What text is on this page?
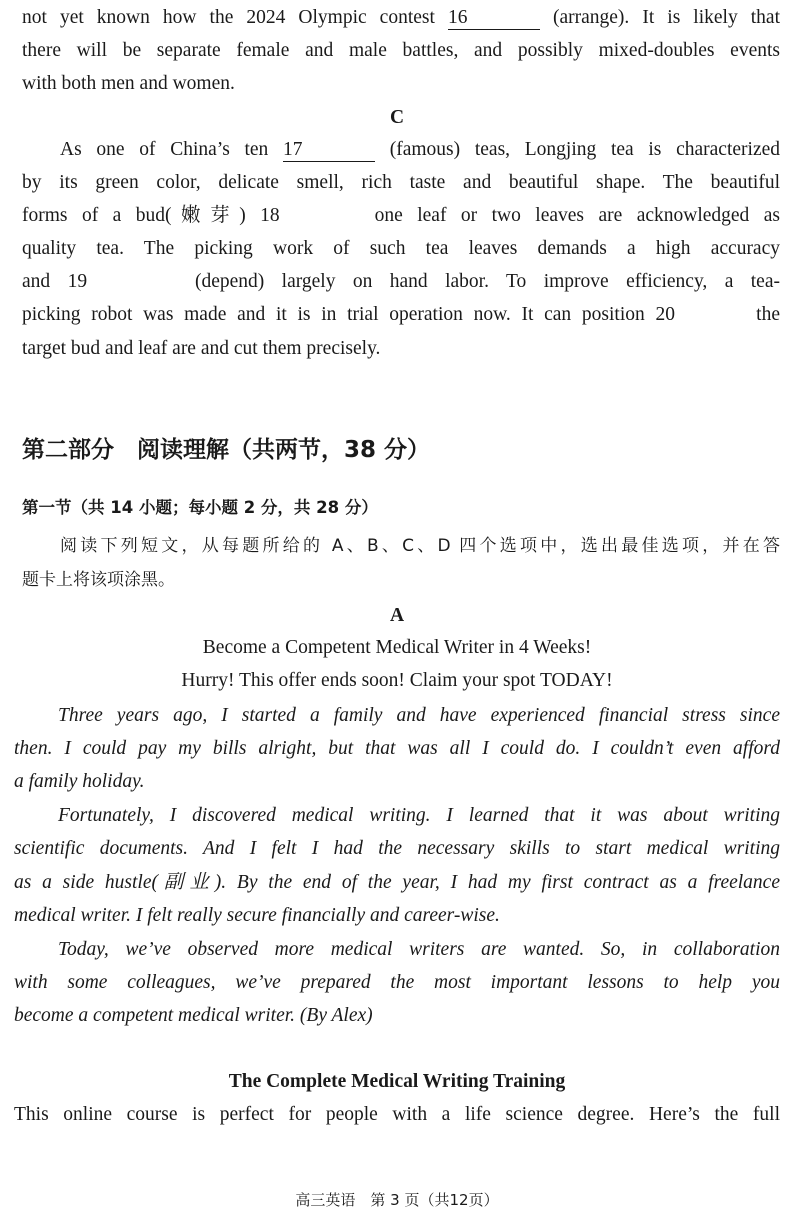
not yet known how the 2024 Olympic contest 16	(arrange). It is likely that
there will be separate female and male battles, and possibly mixed-doubles events
with both men and women.
C
As one of China’s ten 17	(famous) teas, Longjing tea is characterized
by its green color, delicate smell, rich taste and beautiful shape. The beautiful
forms of a bud(嫩芽) 18	one leaf or two leaves are acknowledged as
quality tea. The picking work of such tea leaves demands a high accuracy
and 19	(depend) largely on hand labor. To improve efficiency, a tea-
picking robot was made and it is in trial operation now. It can position 20	the
target bud and leaf are and cut them precisely.
第二部分　阅读理解（共两节，38 分）
第一节（共 14 小题；每小题 2 分，共 28 分）
阅读下列短文，从每题所给的 A、B、C、D 四个选项中，选出最佳选项，并在答
题卡上将该项涂黑。
A
Become a Competent Medical Writer in 4 Weeks!
Hurry! This offer ends soon! Claim your spot TODAY!
Three years ago, I started a family and have experienced financial stress since
then. I could pay my bills alright, but that was all I could do. I couldn’t even afford
a family holiday.
Fortunately, I discovered medical writing. I learned that it was about writing
scientific documents. And I felt I had the necessary skills to start medical writing
as a side hustle(副业). By the end of the year, I had my first contract as a freelance
medical writer. I felt really secure financially and career-wise.
Today, we’ve observed more medical writers are wanted. So, in collaboration
with some colleagues, we’ve prepared the most important lessons to help you
become a competent medical writer. (By Alex)
The Complete Medical Writing Training
This online course is perfect for people with a life science degree. Here’s the full
高三英语　第 3 页（共12页）
